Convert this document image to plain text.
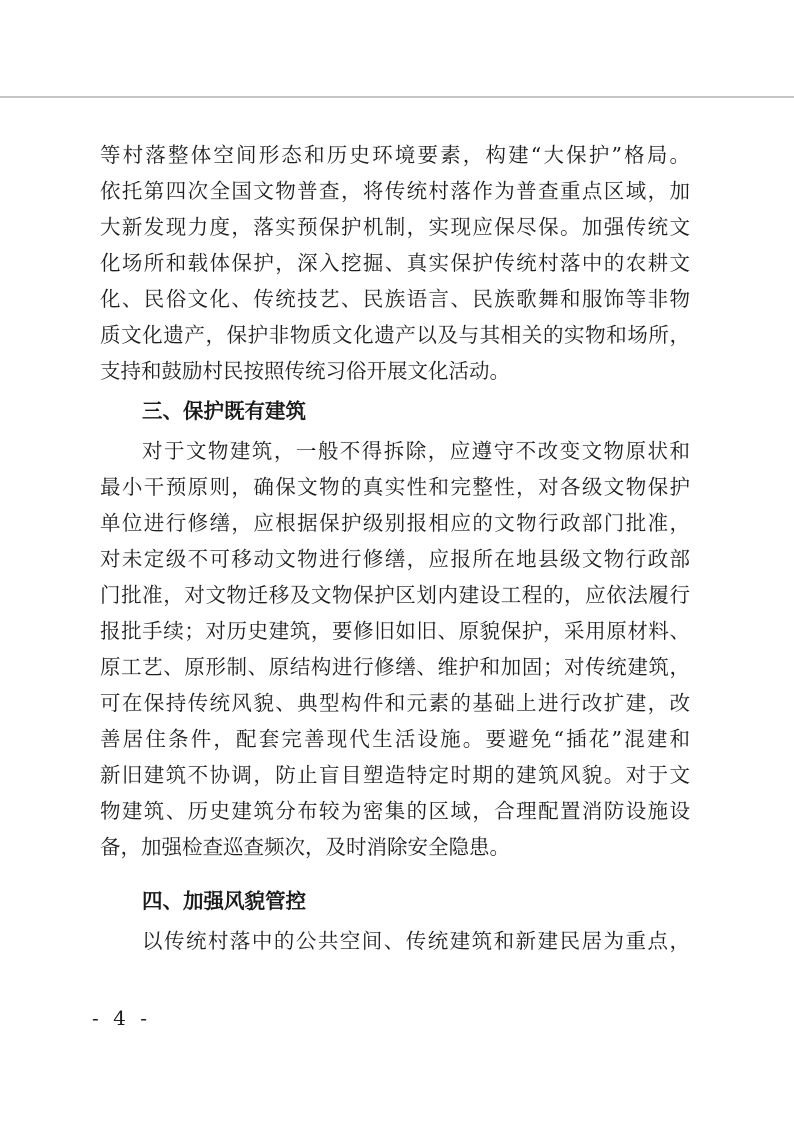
等村落整体空间形态和历史环境要素，构建“大保护”格局。
依托第四次全国文物普查，将传统村落作为普查重点区域，加
大新发现力度，落实预保护机制，实现应保尽保。加强传统文
化场所和载体保护，深入挖掘、真实保护传统村落中的农耕文
化、民俗文化、传统技艺、民族语言、民族歌舞和服饰等非物
质文化遗产，保护非物质文化遗产以及与其相关的实物和场所，
支持和鼓励村民按照传统习俗开展文化活动。
三、保护既有建筑
对于文物建筑，一般不得拆除，应遵守不改变文物原状和
最小干预原则，确保文物的真实性和完整性，对各级文物保护
单位进行修缮，应根据保护级别报相应的文物行政部门批准，
对未定级不可移动文物进行修缮，应报所在地县级文物行政部
门批准，对文物迁移及文物保护区划内建设工程的，应依法履行
报批手续；对历史建筑，要修旧如旧、原貌保护，采用原材料、
原工艺、原形制、原结构进行修缮、维护和加固；对传统建筑，
可在保持传统风貌、典型构件和元素的基础上进行改扩建，改
善居住条件，配套完善现代生活设施。要避免“插花”混建和
新旧建筑不协调，防止盲目塑造特定时期的建筑风貌。对于文
物建筑、历史建筑分布较为密集的区域，合理配置消防设施设
备，加强检查巡查频次，及时消除安全隐患。
四、加强风貌管控
以传统村落中的公共空间、传统建筑和新建民居为重点，
- 4 -
